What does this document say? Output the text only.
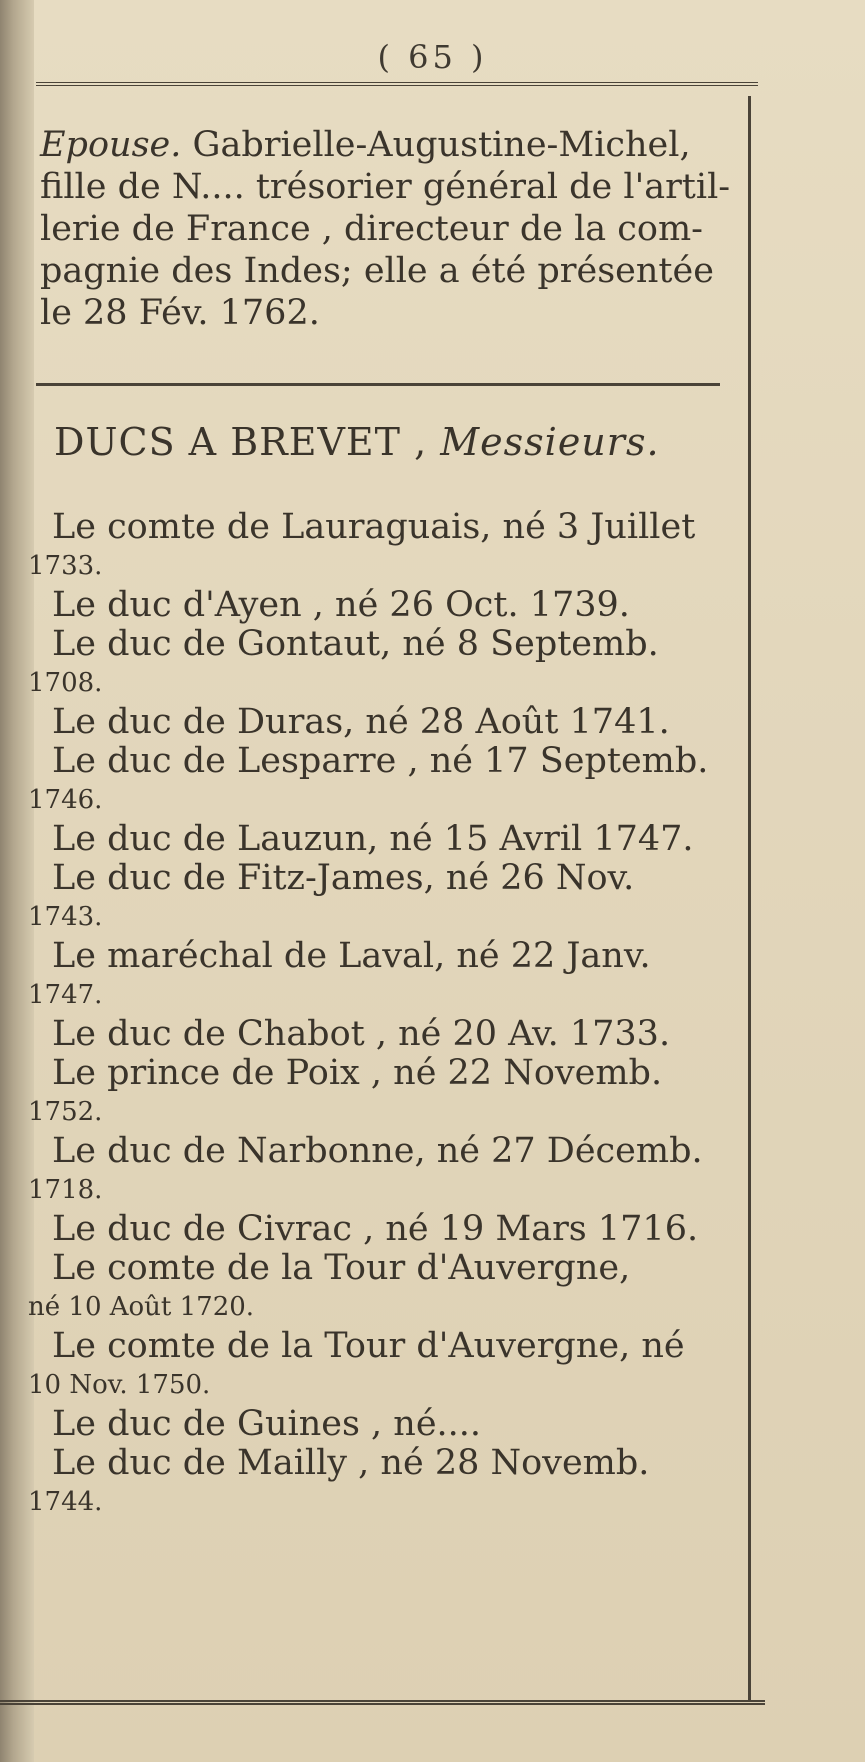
( 65 )
Epouse. Gabrielle-Augustine-Michel,
fille de N.... trésorier général de l'artil-
lerie de France , directeur de la com-
pagnie des Indes; elle a été présentée
le 28 Fév. 1762.
DUCS A BREVET , Messieurs.
Le comte de Lauraguais, né 3 Juillet
1733.
Le duc d'Ayen , né 26 Oct. 1739.
Le duc de Gontaut, né 8 Septemb.
1708.
Le duc de Duras, né 28 Août 1741.
Le duc de Lesparre , né 17 Septemb.
1746.
Le duc de Lauzun, né 15 Avril 1747.
Le duc de Fitz-James, né 26 Nov.
1743.
Le maréchal de Laval, né 22 Janv.
1747.
Le duc de Chabot , né 20 Av. 1733.
Le prince de Poix , né 22 Novemb.
1752.
Le duc de Narbonne, né 27 Décemb.
1718.
Le duc de Civrac , né 19 Mars 1716.
Le comte de la Tour d'Auvergne,
né 10 Août 1720.
Le comte de la Tour d'Auvergne, né
10 Nov. 1750.
Le duc de Guines , né....
Le duc de Mailly , né 28 Novemb.
1744.
